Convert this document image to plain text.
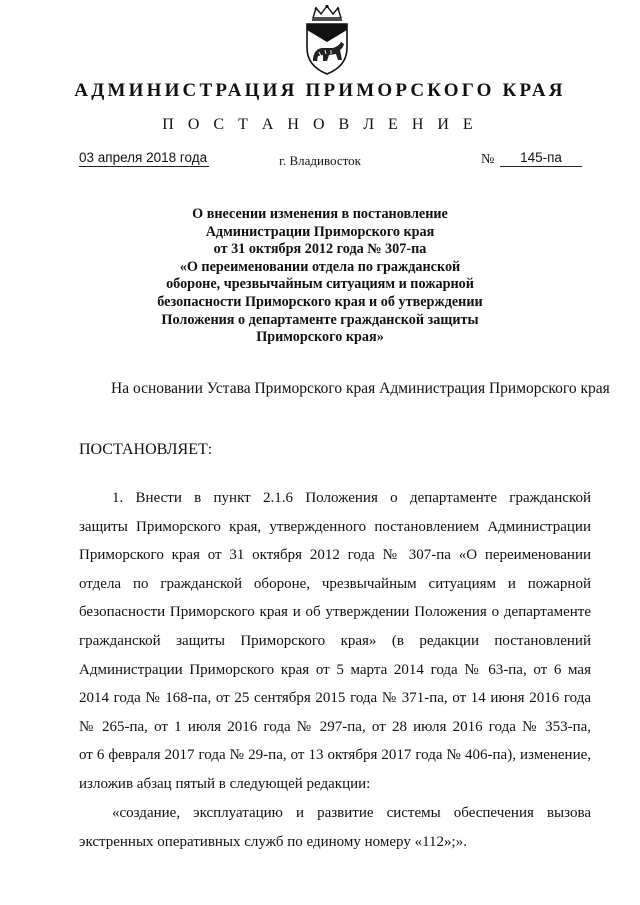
АДМИНИСТРАЦИЯ ПРИМОРСКОГО КРАЯ
П О С Т А Н О В Л Е Н И Е
03 апреля 2018 года	г. Владивосток	№	145-па
О внесении изменения в постановление
Администрации Приморского края
от 31 октября 2012 года № 307-па
«О переименовании отдела по гражданской
обороне, чрезвычайным ситуациям и пожарной
безопасности Приморского края и об утверждении
Положения о департаменте гражданской защиты
Приморского края»
На основании Устава Приморского края Администрация Приморского края
ПОСТАНОВЛЯЕТ:
1. Внести в пункт 2.1.6 Положения о департаменте гражданской
защиты Приморского края, утвержденного постановлением Администрации
Приморского края от 31 октября 2012 года № 307-па «О переименовании
отдела по гражданской обороне, чрезвычайным ситуациям и пожарной
безопасности Приморского края и об утверждении Положения о департаменте
гражданской защиты Приморского края» (в редакции постановлений
Администрации Приморского края от 5 марта 2014 года № 63-па, от 6 мая
2014 года № 168-па, от 25 сентября 2015 года № 371-па, от 14 июня 2016 года
№ 265-па, от 1 июля 2016 года № 297-па, от 28 июля 2016 года № 353-па,
от 6 февраля 2017 года № 29-па, от 13 октября 2017 года № 406-па), изменение,
изложив абзац пятый в следующей редакции:
«создание, эксплуатацию и развитие системы обеспечения вызова
экстренных оперативных служб по единому номеру «112»;».
